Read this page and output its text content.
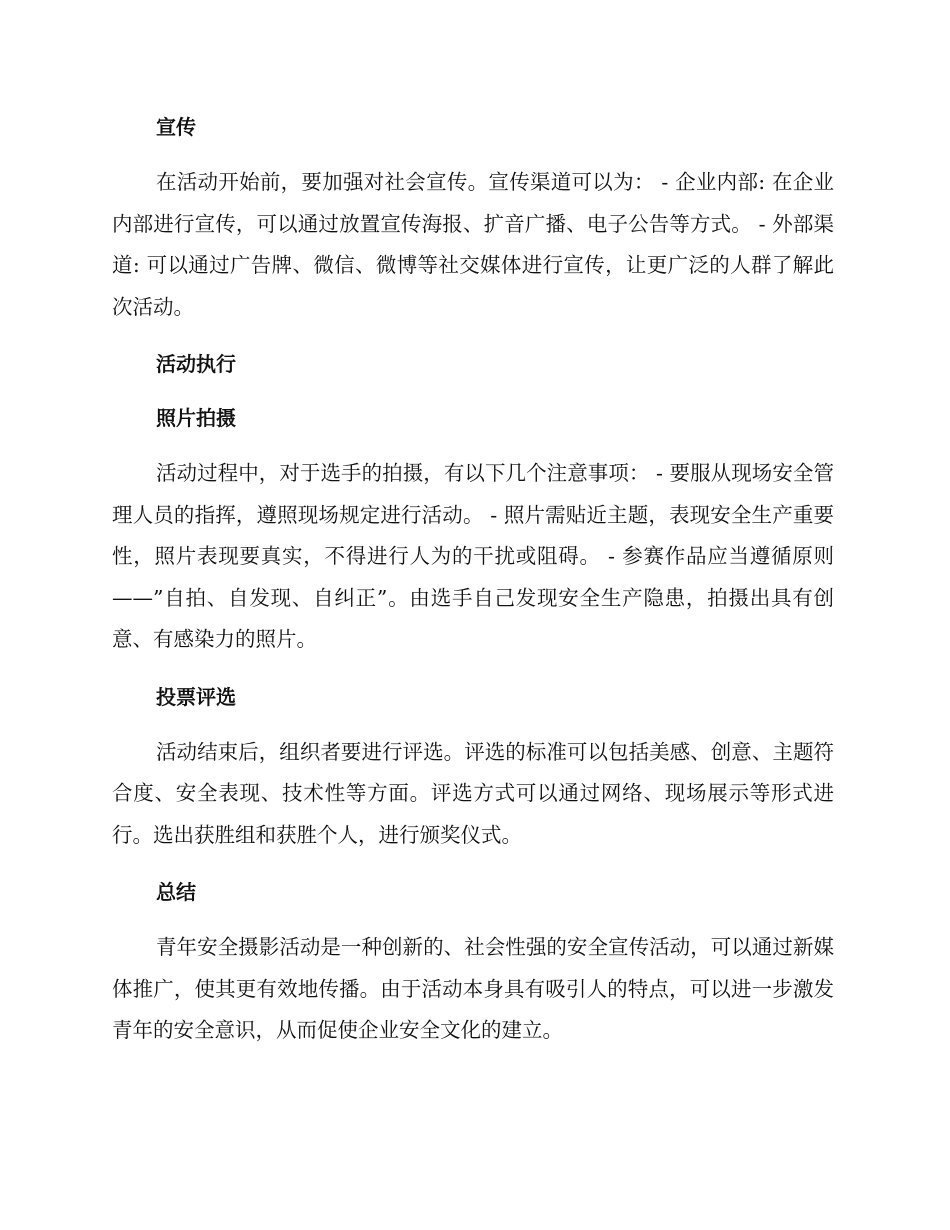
宣传

在活动开始前，要加强对社会宣传。宣传渠道可以为： - 企业内部: 在企业内部进行宣传，可以通过放置宣传海报、扩音广播、电子公告等方式。 - 外部渠道: 可以通过广告牌、微信、微博等社交媒体进行宣传，让更广泛的人群了解此次活动。

活动执行
照片拍摄

活动过程中，对于选手的拍摄，有以下几个注意事项： - 要服从现场安全管理人员的指挥，遵照现场规定进行活动。 - 照片需贴近主题，表现安全生产重要性，照片表现要真实，不得进行人为的干扰或阻碍。 - 参赛作品应当遵循原则——”自拍、自发现、自纠正”。由选手自己发现安全生产隐患，拍摄出具有创意、有感染力的照片。

投票评选

活动结束后，组织者要进行评选。评选的标准可以包括美感、创意、主题符合度、安全表现、技术性等方面。评选方式可以通过网络、现场展示等形式进行。选出获胜组和获胜个人，进行颁奖仪式。

总结

青年安全摄影活动是一种创新的、社会性强的安全宣传活动，可以通过新媒体推广，使其更有效地传播。由于活动本身具有吸引人的特点，可以进一步激发青年的安全意识，从而促使企业安全文化的建立。
